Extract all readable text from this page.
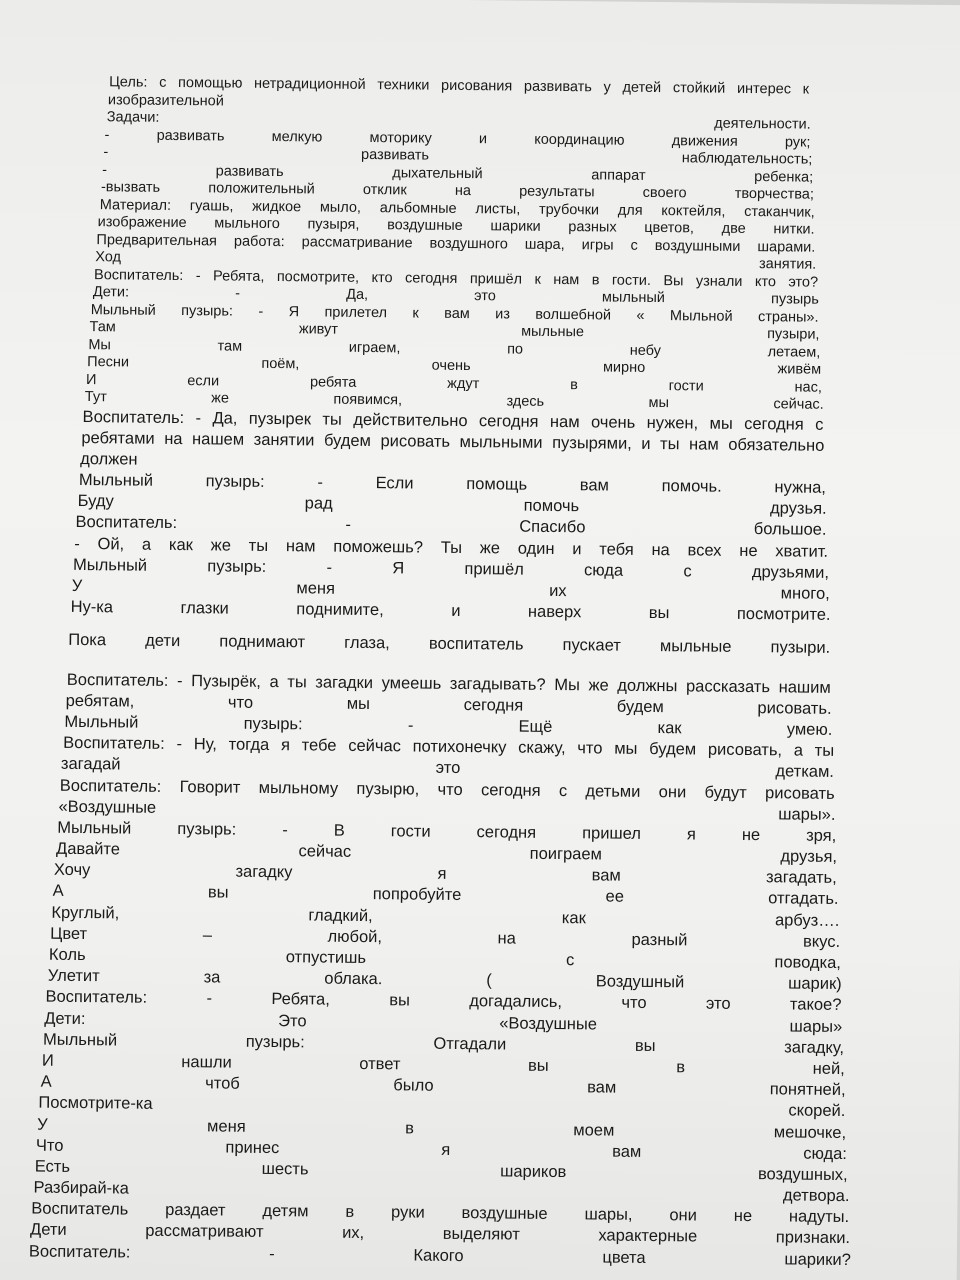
Цель: с помощью нетрадиционной техники рисования развивать у детей стойкий интерес к
изобразительной
Задачи:	деятельности.
-	развивать	мелкую	моторику	и	координацию	движения	рук;
-	развивать	наблюдательность;
-	развивать	дыхательный	аппарат	ребенка;
-вызвать	положительный	отклик	на	результаты	своего	творчества;
Материал: гуашь, жидкое мыло, альбомные листы, трубочки для коктейля, стаканчик,
изображение мыльного пузыря, воздушные шарики разных цветов, две нитки.
Предварительная работа: рассматривание воздушного шара, игры с воздушными шарами.
Ход	занятия.
Воспитатель: - Ребята, посмотрите, кто сегодня пришёл к нам в гости. Вы узнали кто это?
Дети:	-	Да,	это	мыльный	пузырь
Мыльный пузырь: - Я прилетел к вам из волшебной « Мыльной страны».
Там	живут	мыльные	пузыри,
Мы	там	играем,	по	небу	летаем,
Песни	поём,	очень	мирно	живём
И	если	ребята	ждут	в	гости	нас,
Тут	же	появимся,	здесь	мы	сейчас.
Воспитатель: - Да, пузырек ты действительно сегодня нам очень нужен, мы сегодня с
ребятами на нашем занятии будем рисовать мыльными пузырями, и ты нам обязательно
должен
Мыльный	пузырь:	-	Если	помощь	вам	помочь.	нужна,
Буду	рад	помочь	друзья.
Воспитатель:	-	Спасибо	большое.
- Ой, а как же ты нам поможешь? Ты же один и тебя на всех не хватит.
Мыльный	пузырь:	-	Я	пришёл	сюда	с	друзьями,
У	меня	их	много,
Ну-ка	глазки	поднимите,	и	наверх	вы	посмотрите.
Пока дети поднимают глаза, воспитатель пускает мыльные пузыри.
Воспитатель: - Пузырёк, а ты загадки умеешь загадывать? Мы же должны рассказать нашим
ребятам,	что	мы	сегодня	будем	рисовать.
Мыльный	пузырь:	-	Ещё	как	умею.
Воспитатель: - Ну, тогда я тебе сейчас потихонечку скажу, что мы будем рисовать, а ты
загадай	это	деткам.
Воспитатель: Говорит мыльному пузырю, что сегодня с детьми они будут рисовать
«Воздушные	шары».
Мыльный	пузырь:	-	В	гости	сегодня	пришел	я	не	зря,
Давайте	сейчас	поиграем	друзья,
Хочу	загадку	я	вам	загадать,
А	вы	попробуйте	ее	отгадать.
Круглый,	гладкий,	как	арбуз….
Цвет	–	любой,	на	разный	вкус.
Коль	отпустишь	с	поводка,
Улетит	за	облака.	(	Воздушный	шарик)
Воспитатель:	-	Ребята,	вы	догадались,	что	это	такое?
Дети:	Это	«Воздушные	шары»
Мыльный	пузырь:	Отгадали	вы	загадку,
И	нашли	ответ	вы	в	ней,
А	чтоб	было	вам	понятней,
Посмотрите-ка	скорей.
У	меня	в	моем	мешочке,
Что	принес	я	вам	сюда:
Есть	шесть	шариков	воздушных,
Разбирай-ка	детвора.
Воспитатель раздает детям в руки воздушные шары, они не надуты.
Дети	рассматривают	их,	выделяют	характерные	признаки.
Воспитатель:	-	Какого	цвета	шарики?
